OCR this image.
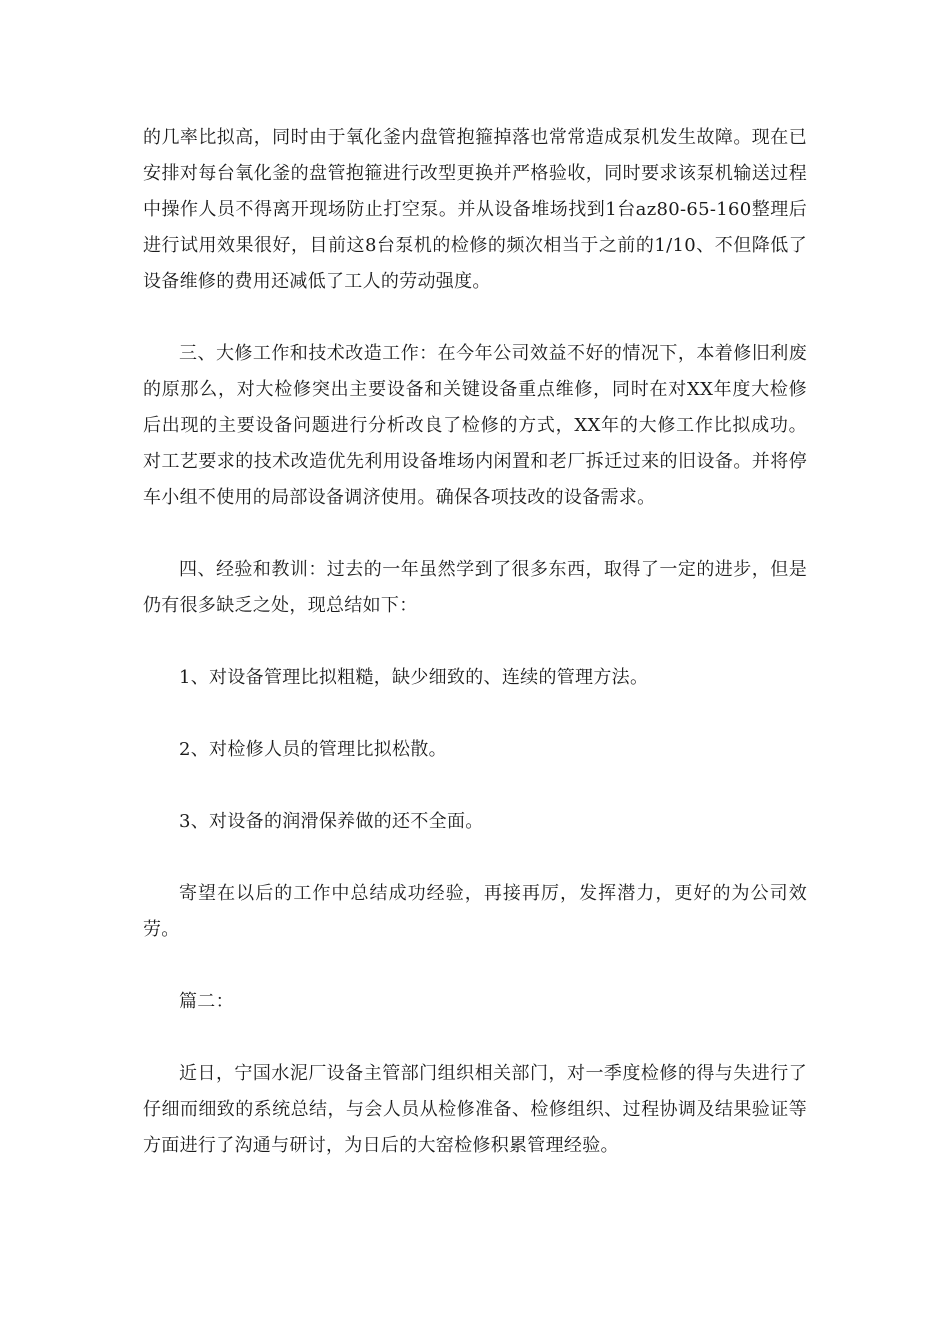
的几率比拟高，同时由于氧化釜内盘管抱箍掉落也常常造成泵机发生故障。现在已安排对每台氧化釜的盘管抱箍进行改型更换并严格验收，同时要求该泵机输送过程中操作人员不得离开现场防止打空泵。并从设备堆场找到1台az80-65-160整理后进行试用效果很好，目前这8台泵机的检修的频次相当于之前的1/10、不但降低了设备维修的费用还减低了工人的劳动强度。

三、大修工作和技术改造工作：在今年公司效益不好的情况下，本着修旧利废的原那么，对大检修突出主要设备和关键设备重点维修，同时在对XX年度大检修后出现的主要设备问题进行分析改良了检修的方式，XX年的大修工作比拟成功。对工艺要求的技术改造优先利用设备堆场内闲置和老厂拆迁过来的旧设备。并将停车小组不使用的局部设备调济使用。确保各项技改的设备需求。

四、经验和教训：过去的一年虽然学到了很多东西，取得了一定的进步，但是仍有很多缺乏之处，现总结如下：

1、对设备管理比拟粗糙，缺少细致的、连续的管理方法。

2、对检修人员的管理比拟松散。

3、对设备的润滑保养做的还不全面。

寄望在以后的工作中总结成功经验，再接再厉，发挥潜力，更好的为公司效劳。

篇二：

近日，宁国水泥厂设备主管部门组织相关部门，对一季度检修的得与失进行了仔细而细致的系统总结，与会人员从检修准备、检修组织、过程协调及结果验证等方面进行了沟通与研讨，为日后的大窑检修积累管理经验。
